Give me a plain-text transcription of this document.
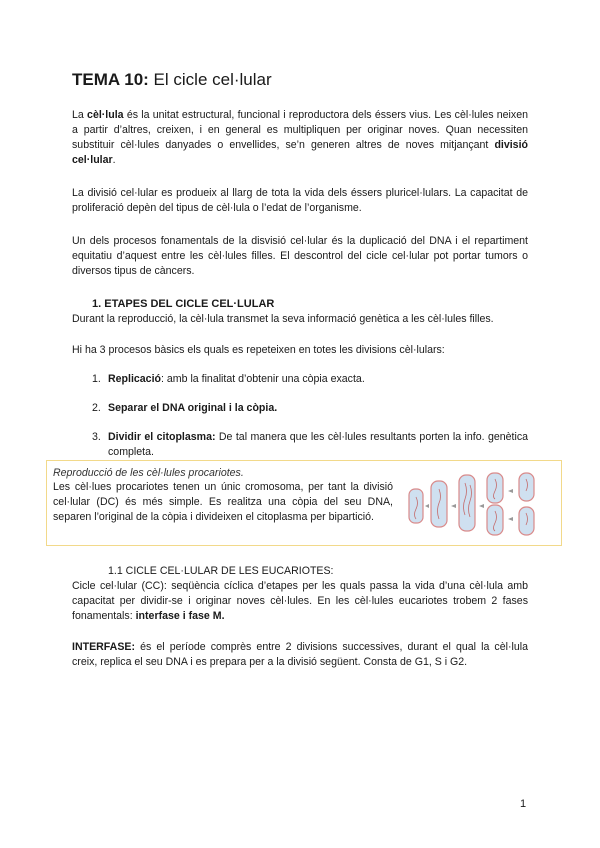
TEMA 10: El cicle cel·lular

La cèl·lula és la unitat estructural, funcional i reproductora dels éssers vius. Les cèl·lules neixen a partir d’altres, creixen, i en general es multipliquen per originar noves. Quan necessiten substituir cèl·lules danyades o envellides, se’n generen altres de noves mitjançant divisió cel·lular.

La divisió cel·lular es produeix al llarg de tota la vida dels éssers pluricel·lulars. La capacitat de proliferació depèn del tipus de cèl·lula o l’edat de l’organisme.

Un dels procesos fonamentals de la disvisió cel·lular és la duplicació del DNA i el repartiment equitatiu d’aquest entre les cèl·lules filles. El descontrol del cicle cel·lular pot portar tumors o diversos tipus de càncers.

1. ETAPES DEL CICLE CEL·LULAR

Durant la reproducció, la cèl·lula transmet la seva informació genètica a les cèl·lules filles.

Hi ha 3 procesos bàsics els quals es repeteixen en totes les divisions cèl·lulars:

1. Replicació: amb la finalitat d’obtenir una còpia exacta.
2. Separar el DNA original i la còpia.
3. Dividir el citoplasma: De tal manera que les cèl·lules resultants porten la info. genètica completa.
Reproducció de les cèl·lules procariotes.
Les cèl·lues procariotes tenen un únic cromosoma, per tant la divisió cel·lular (DC) és més simple. Es realitza una còpia del seu DNA, separen l’original de la còpia i divideixen el citoplasma per bipartició.

1.1 CICLE CEL·LULAR DE LES EUCARIOTES:

Cicle cel·lular (CC): seqüència cíclica d’etapes per les quals passa la vida d’una cèl·lula amb capacitat per dividir-se i originar noves cèl·lules. En les cèl·lules eucariotes trobem 2 fases fonamentals: interfase i fase M.

INTERFASE: és el període comprès entre 2 divisions successives, durant el qual la cèl·lula creix, replica el seu DNA i es prepara per a la divisió següent. Consta de G1, S i G2.

1
